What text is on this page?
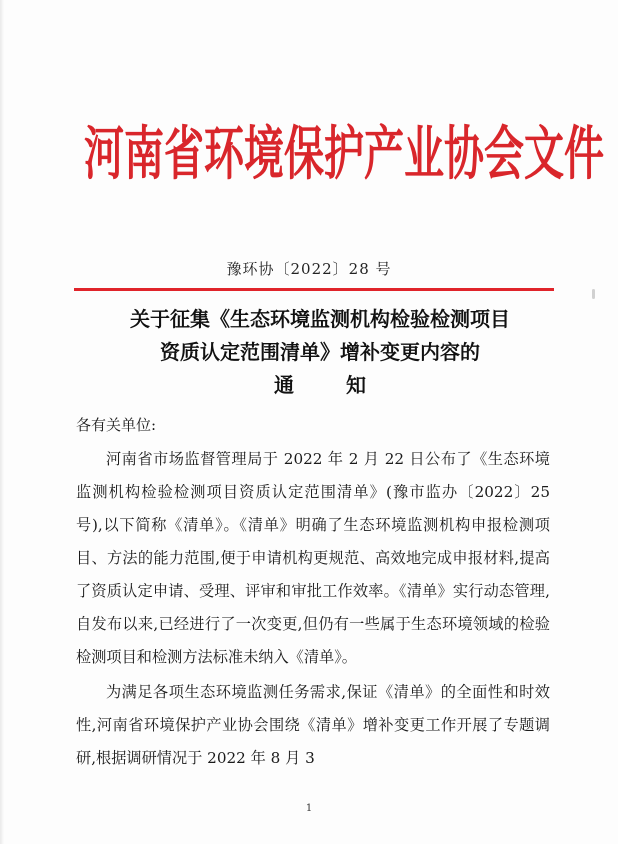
河南省环境保护产业协会文件
豫环协〔2022〕28 号
关于征集《生态环境监测机构检验检测项目
资质认定范围清单》增补变更内容的
通知
各有关单位:

河南省市场监督管理局于 2022 年 2 月 22 日公布了《生态环境监测机构检验检测项目资质认定范围清单》(豫市监办〔2022〕25 号),以下简称《清单》。《清单》明确了生态环境监测机构申报检测项目、方法的能力范围,便于申请机构更规范、高效地完成申报材料,提高了资质认定申请、受理、评审和审批工作效率。《清单》实行动态管理,自发布以来,已经进行了一次变更,但仍有一些属于生态环境领域的检验检测项目和检测方法标准未纳入《清单》。

为满足各项生态环境监测任务需求,保证《清单》的全面性和时效性,河南省环境保护产业协会围绕《清单》增补变更工作开展了专题调研,根据调研情况于 2022 年 8 月 3

1
